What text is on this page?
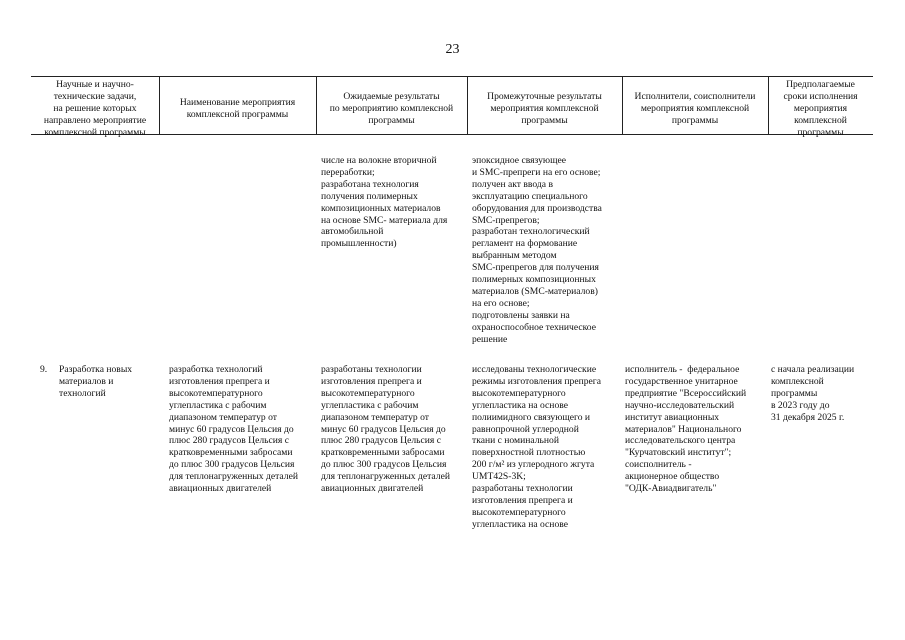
23
Научные и научно-
технические задачи,
на решение которых
направлено мероприятие
комплексной программы
Наименование мероприятия
комплексной программы
Ожидаемые результаты
по мероприятию комплексной
программы
Промежуточные результаты
мероприятия комплексной
программы
Исполнители, соисполнители
мероприятия комплексной
программы
Предполагаемые
сроки исполнения
мероприятия
комплексной
программы
числе на волокне вторичной
переработки;
разработана технология
получения полимерных
композиционных материалов
на основе SMC- материала для
автомобильной
промышленности)
эпоксидное связующее
и SMC-препреги на его основе;
получен акт ввода в
эксплуатацию специального
оборудования для производства
SMC-препрегов;
разработан технологический
регламент на формование
выбранным методом
SMC-препрегов для получения
полимерных композиционных
материалов (SMC-материалов)
на его основе;
подготовлены заявки на
охраноспособное техническое
решение
9. Разработка новых
материалов и
технологий
разработка технологий
изготовления препрега и
высокотемпературного
углепластика с рабочим
диапазоном температур от
минус 60 градусов Цельсия до
плюс 280 градусов Цельсия с
кратковременными забросами
до плюс 300 градусов Цельсия
для теплонагруженных деталей
авиационных двигателей
разработаны технологии
изготовления препрега и
высокотемпературного
углепластика с рабочим
диапазоном температур от
минус 60 градусов Цельсия до
плюс 280 градусов Цельсия с
кратковременными забросами
до плюс 300 градусов Цельсия
для теплонагруженных деталей
авиационных двигателей
исследованы технологические
режимы изготовления препрега
высокотемпературного
углепластика на основе
полиимидного связующего и
равнопрочной углеродной
ткани с номинальной
поверхностной плотностью
200 г/м² из углеродного жгута
UMT42S-3K;
разработаны технологии
изготовления препрега и
высокотемпературного
углепластика на основе
исполнитель -  федеральное
государственное унитарное
предприятие "Всероссийский
научно-исследовательский
институт авиационных
материалов" Национального
исследовательского центра
"Курчатовский институт";
соисполнитель -
акционерное общество
"ОДК-Авиадвигатель"
с начала реализации
комплексной
программы
в 2023 году до
31 декабря 2025 г.
